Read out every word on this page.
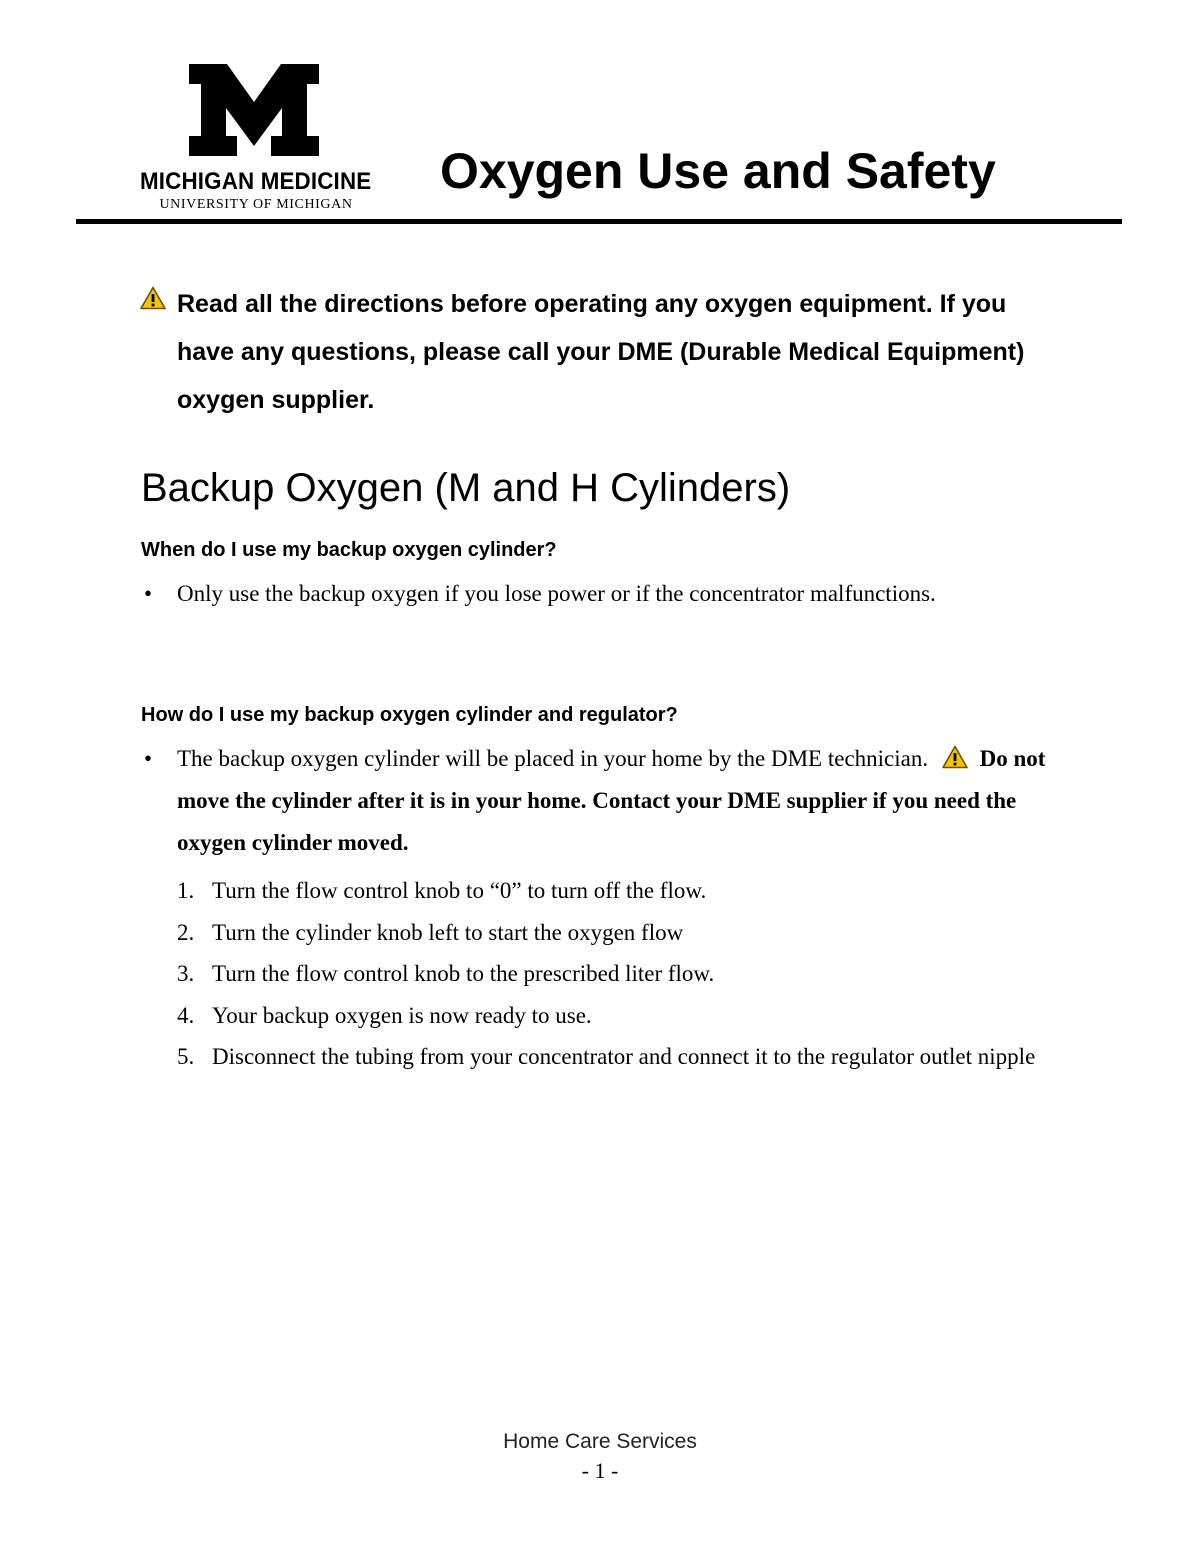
MICHIGAN MEDICINE
UNIVERSITY OF MICHIGAN
Oxygen Use and Safety

Read all the directions before operating any oxygen equipment. If you have any questions, please call your DME (Durable Medical Equipment) oxygen supplier.

Backup Oxygen (M and H Cylinders)
When do I use my backup oxygen cylinder?
• Only use the backup oxygen if you lose power or if the concentrator malfunctions.
How do I use my backup oxygen cylinder and regulator?
• The backup oxygen cylinder will be placed in your home by the DME technician. Do not move the cylinder after it is in your home. Contact your DME supplier if you need the oxygen cylinder moved.
1. Turn the flow control knob to “0” to turn off the flow.
2. Turn the cylinder knob left to start the oxygen flow
3. Turn the flow control knob to the prescribed liter flow.
4. Your backup oxygen is now ready to use.
5. Disconnect the tubing from your concentrator and connect it to the regulator outlet nipple
Home Care Services
- 1 -
